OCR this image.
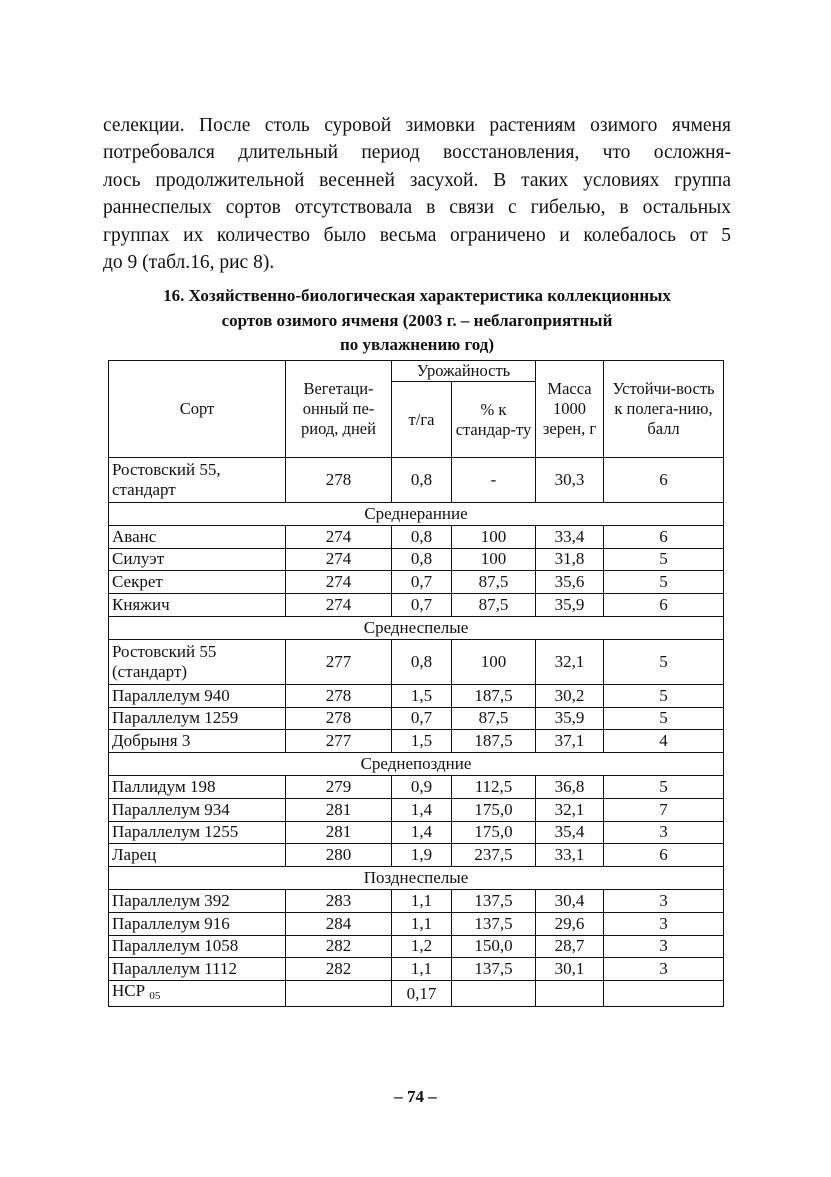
селекции. После столь суровой зимовки растениям озимого ячменя
потребовался длительный период восстановления, что осложня-
лось продолжительной весенней засухой. В таких условиях группа
раннеспелых сортов отсутствовала в связи с гибелью, в остальных
группах их количество было весьма ограничено и колебалось от 5
до 9 (табл.16, рис 8).
16. Хозяйственно-биологическая характеристика коллекционных
сортов озимого ячменя (2003 г. – неблагоприятный
по увлажнению год)
Сорт	Вегетаци-онный пе-риод, дней	Урожайность		Масса 1000 зерен, г	Устойчи-вость к полега-нию, балл
		т/га	% к стандар-ту		
Ростовский 55, стандарт	278	0,8	-	30,3	6
Среднеранние					
Аванс	274	0,8	100	33,4	6
Силуэт	274	0,8	100	31,8	5
Секрет	274	0,7	87,5	35,6	5
Княжич	274	0,7	87,5	35,9	6
Среднеспелые					
Ростовский 55 (стандарт)	277	0,8	100	32,1	5
Параллелум 940	278	1,5	187,5	30,2	5
Параллелум 1259	278	0,7	87,5	35,9	5
Добрыня 3	277	1,5	187,5	37,1	4
Среднепоздние					
Паллидум 198	279	0,9	112,5	36,8	5
Параллелум 934	281	1,4	175,0	32,1	7
Параллелум 1255	281	1,4	175,0	35,4	3
Ларец	280	1,9	237,5	33,1	6
Позднеспелые					
Параллелум 392	283	1,1	137,5	30,4	3
Параллелум 916	284	1,1	137,5	29,6	3
Параллелум 1058	282	1,2	150,0	28,7	3
Параллелум 1112	282	1,1	137,5	30,1	3
НСР $_{05}$		0,17			
– 74 –
